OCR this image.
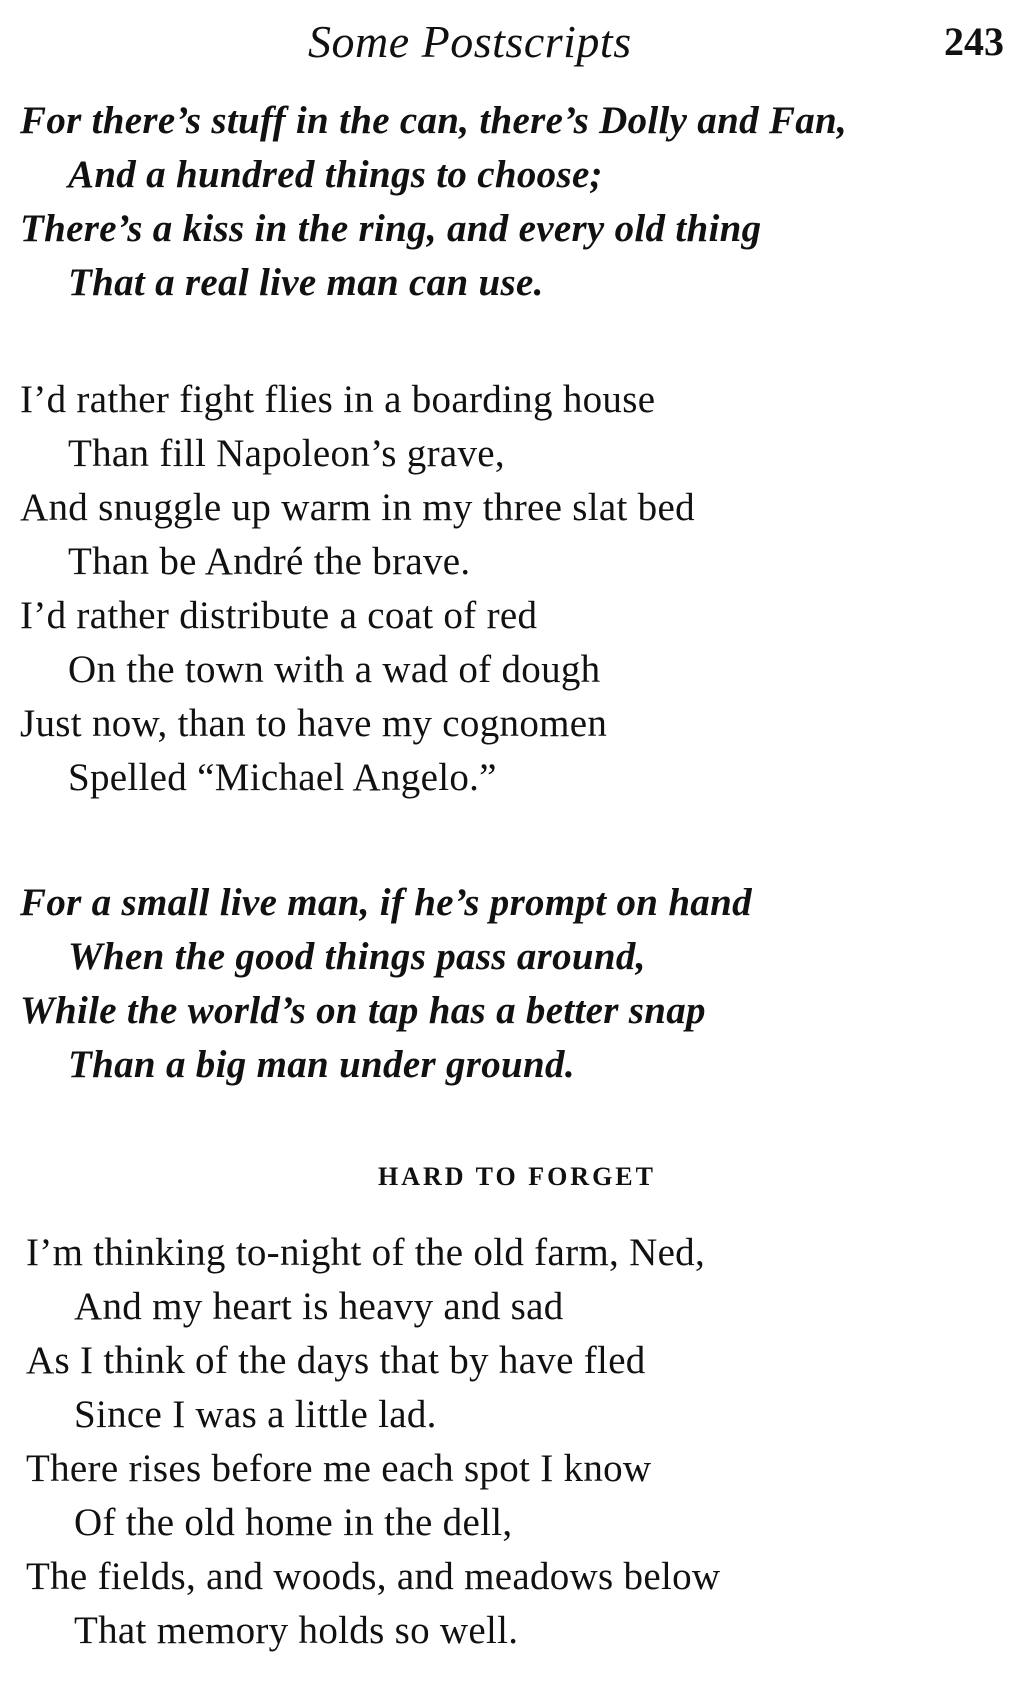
Some Postscripts	243
For there’s stuff in the can, there’s Dolly and Fan,
And a hundred things to choose;
There’s a kiss in the ring, and every old thing
That a real live man can use.
I’d rather fight flies in a boarding house
Than fill Napoleon’s grave,
And snuggle up warm in my three slat bed
Than be André the brave.
I’d rather distribute a coat of red
On the town with a wad of dough
Just now, than to have my cognomen
Spelled “Michael Angelo.”
For a small live man, if he’s prompt on hand
When the good things pass around,
While the world’s on tap has a better snap
Than a big man under ground.
HARD TO FORGET
I’m thinking to-night of the old farm, Ned,
And my heart is heavy and sad
As I think of the days that by have fled
Since I was a little lad.
There rises before me each spot I know
Of the old home in the dell,
The fields, and woods, and meadows below
That memory holds so well.
